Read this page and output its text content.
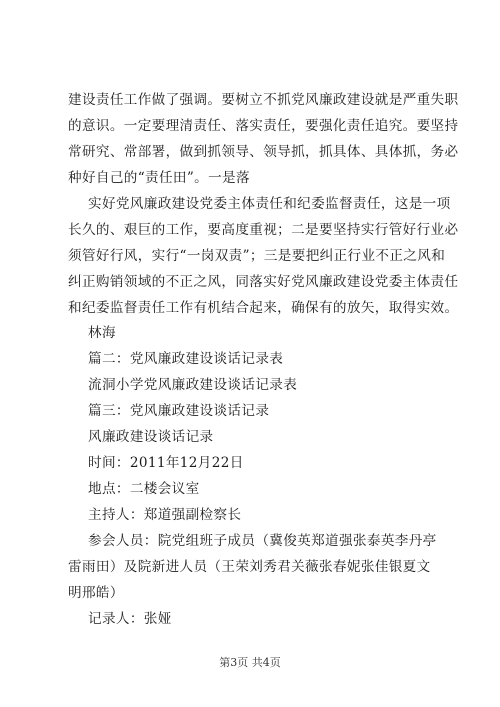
建设责任工作做了强调。要树立不抓党风廉政建设就是严重失职
的意识。一定要理清责任、落实责任，要强化责任追究。要坚持
常研究、常部署，做到抓领导、领导抓，抓具体、具体抓，务必
种好自己的“责任田”。一是落
实好党风廉政建设党委主体责任和纪委监督责任，这是一项
长久的、艰巨的工作，要高度重视；二是要坚持实行管好行业必
须管好行风，实行“一岗双责”；三是要把纠正行业不正之风和
纠正购销领域的不正之风，同落实好党风廉政建设党委主体责任
和纪委监督责任工作有机结合起来，确保有的放矢，取得实效。
林海
篇二：党风廉政建设谈话记录表
流洞小学党风廉政建设谈话记录表
篇三：党风廉政建设谈话记录
风廉政建设谈话记录
时间：2011年12月22日
地点：二楼会议室
主持人：郑道强副检察长
参会人员：院党组班子成员（冀俊英郑道强张泰英李丹亭
雷雨田）及院新进人员（王荣刘秀君关薇张春妮张佳银夏文
明邢皓）
记录人：张娅
第3页 共4页
